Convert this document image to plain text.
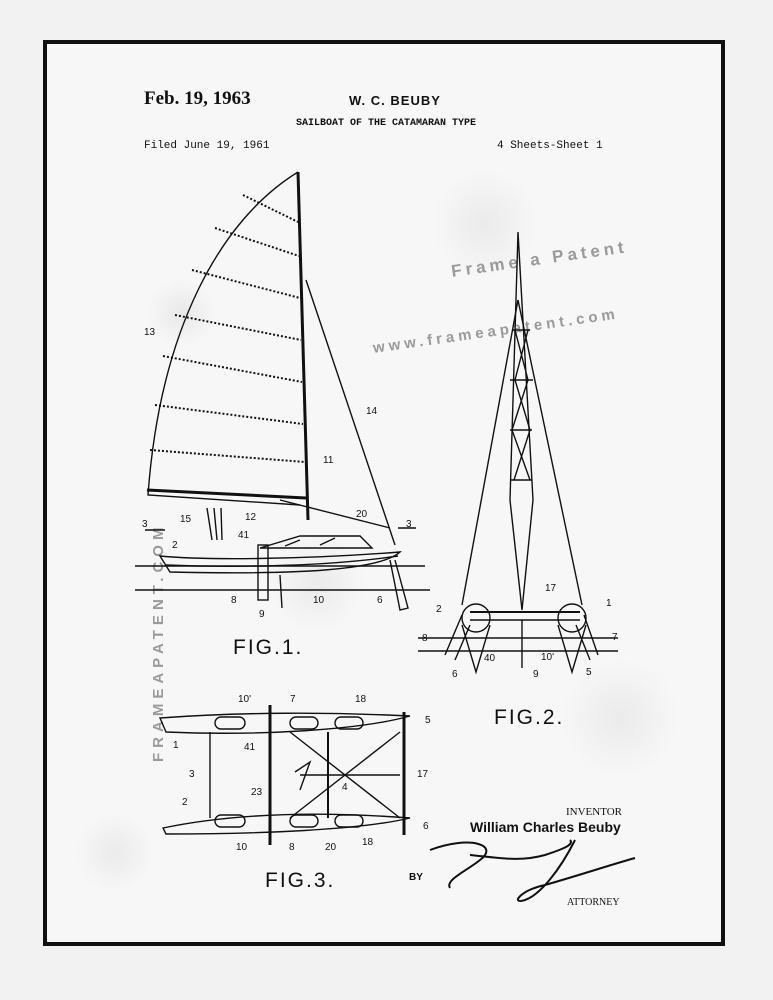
Feb. 19, 1963	W. C. BEUBY
SAILBOAT OF THE CATAMARAN TYPE
Filed June 19, 1961	4 Sheets-Sheet 1
Frame a Patent
www.frameapatent.com
FRAMEAPATENT.COM
13
14
11
20
3	3
15	12
41
2
8
9
10	6
17
2
1
8	7
10'
40
6	9	5
10'	7	18
5
1	41
3
23	4
17
2
6
10	8	20	18
FIG.1.
FIG.2.
FIG.3.
INVENTOR
William Charles Beuby
BY
ATTORNEY
